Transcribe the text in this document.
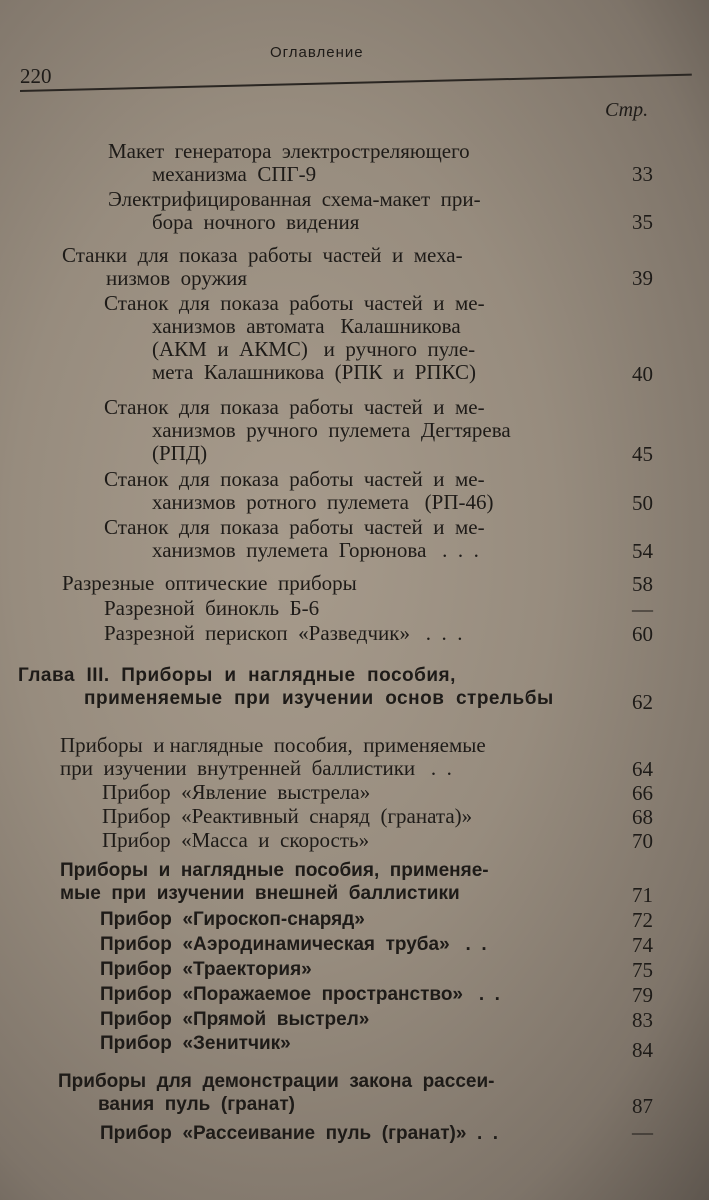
Оглавление
220
Стр.
Макет  генератора  электростреляющего
механизма  СПГ-9	33
Электрифицированная  схема-макет  при-
бора  ночного  видения	35
Станки  для  показа  работы  частей  и  меха-
низмов  оружия	39
Станок  для  показа  работы  частей  и  ме-
ханизмов  автомата   Калашникова
(АКМ  и  АКМС)   и  ручного  пуле-
мета  Калашникова  (РПК  и  РПКС)	40
Станок  для  показа  работы  частей  и  ме-
ханизмов  ручного  пулемета  Дегтярева
(РПД)	45
Станок  для  показа  работы  частей  и  ме-
ханизмов  ротного  пулемета   (РП-46)	50
Станок  для  показа  работы  частей  и  ме-
ханизмов  пулемета  Горюнова   .  .  .	54
Разрезные  оптические  приборы	58
Разрезной  бинокль  Б-6	—
Разрезной  перископ  «Разведчик»   .  .  .	60
Глава  III.  Приборы  и  наглядные  пособия,
применяемые  при  изучении  основ  стрельбы	62
Приборы  и наглядные  пособия,  применяемые
при  изучении  внутренней  баллистики   .  .	64
Прибор  «Явление  выстрела»	66
Прибор  «Реактивный  снаряд  (граната)»	68
Прибор  «Масса  и  скорость»	70
Приборы  и  наглядные  пособия,  применяе-
мые  при  изучении  внешней  баллистики	71
Прибор  «Гироскоп-снаряд»	72
Прибор  «Аэродинамическая  труба»   .  .	74
Прибор  «Траектория»	75
Прибор  «Поражаемое  пространство»   .  .	79
Прибор  «Прямой  выстрел»	83
Прибор  «Зенитчик»	84
Приборы  для  демонстрации  закона  рассеи-
вания  пуль  (гранат)	87
Прибор  «Рассеивание  пуль  (гранат)»  .  .	—
